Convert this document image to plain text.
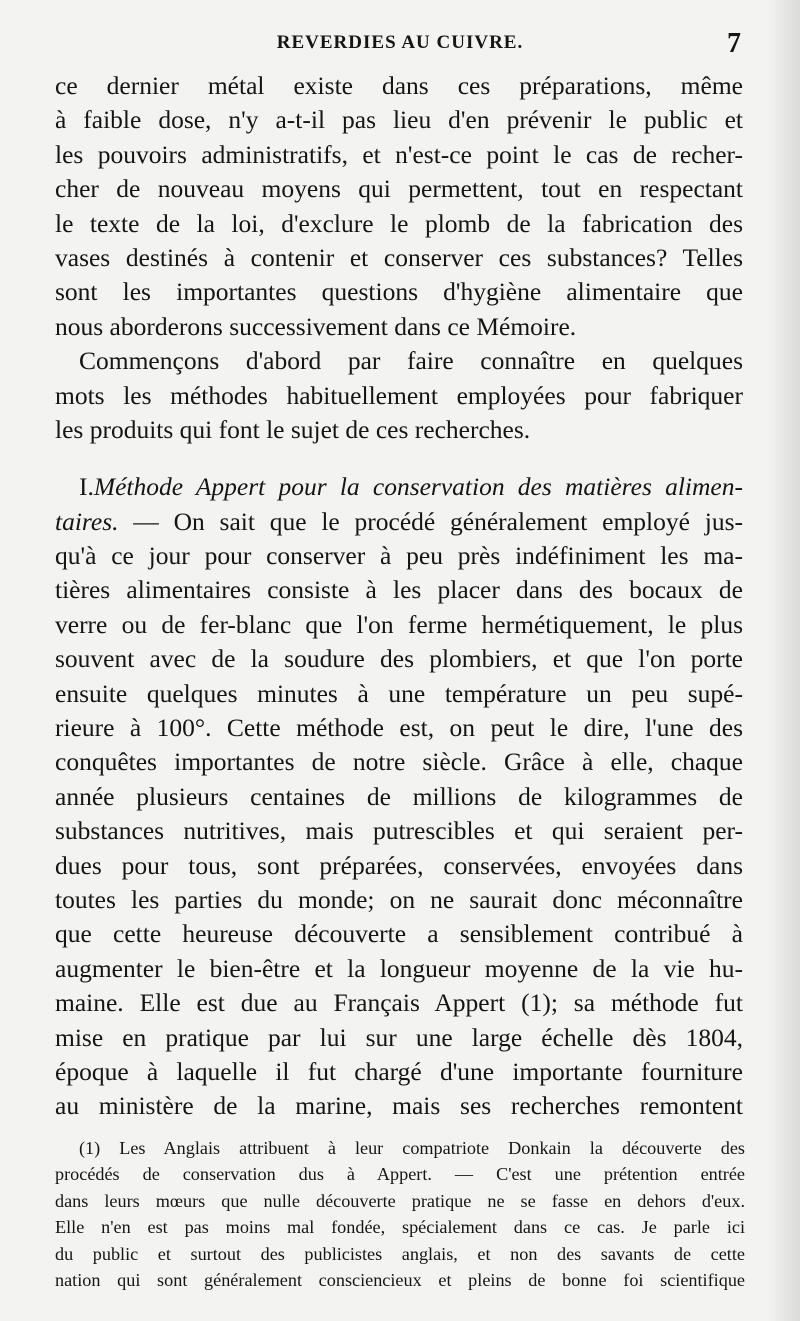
REVERDIES AU CUIVRE.	7
ce dernier métal existe dans ces préparations, même
à faible dose, n'y a-t-il pas lieu d'en prévenir le public et
les pouvoirs administratifs, et n'est-ce point le cas de recher-
cher de nouveau moyens qui permettent, tout en respectant
le texte de la loi, d'exclure le plomb de la fabrication des
vases destinés à contenir et conserver ces substances? Telles
sont les importantes questions d'hygiène alimentaire que
nous aborderons successivement dans ce Mémoire.
Commençons d'abord par faire connaître en quelques
mots les méthodes habituellement employées pour fabriquer
les produits qui font le sujet de ces recherches.
I.Méthode Appert pour la conservation des matières alimen-
taires. — On sait que le procédé généralement employé jus-
qu'à ce jour pour conserver à peu près indéfiniment les ma-
tières alimentaires consiste à les placer dans des bocaux de
verre ou de fer-blanc que l'on ferme hermétiquement, le plus
souvent avec de la soudure des plombiers, et que l'on porte
ensuite quelques minutes à une température un peu supé-
rieure à 100°. Cette méthode est, on peut le dire, l'une des
conquêtes importantes de notre siècle. Grâce à elle, chaque
année plusieurs centaines de millions de kilogrammes de
substances nutritives, mais putrescibles et qui seraient per-
dues pour tous, sont préparées, conservées, envoyées dans
toutes les parties du monde; on ne saurait donc méconnaître
que cette heureuse découverte a sensiblement contribué à
augmenter le bien-être et la longueur moyenne de la vie hu-
maine. Elle est due au Français Appert (1); sa méthode fut
mise en pratique par lui sur une large échelle dès 1804,
époque à laquelle il fut chargé d'une importante fourniture
au ministère de la marine, mais ses recherches remontent
(1) Les Anglais attribuent à leur compatriote Donkain la découverte des
procédés de conservation dus à Appert. — C'est une prétention entrée
dans leurs mœurs que nulle découverte pratique ne se fasse en dehors d'eux.
Elle n'en est pas moins mal fondée, spécialement dans ce cas. Je parle ici
du public et surtout des publicistes anglais, et non des savants de cette
nation qui sont généralement consciencieux et pleins de bonne foi scientifique
